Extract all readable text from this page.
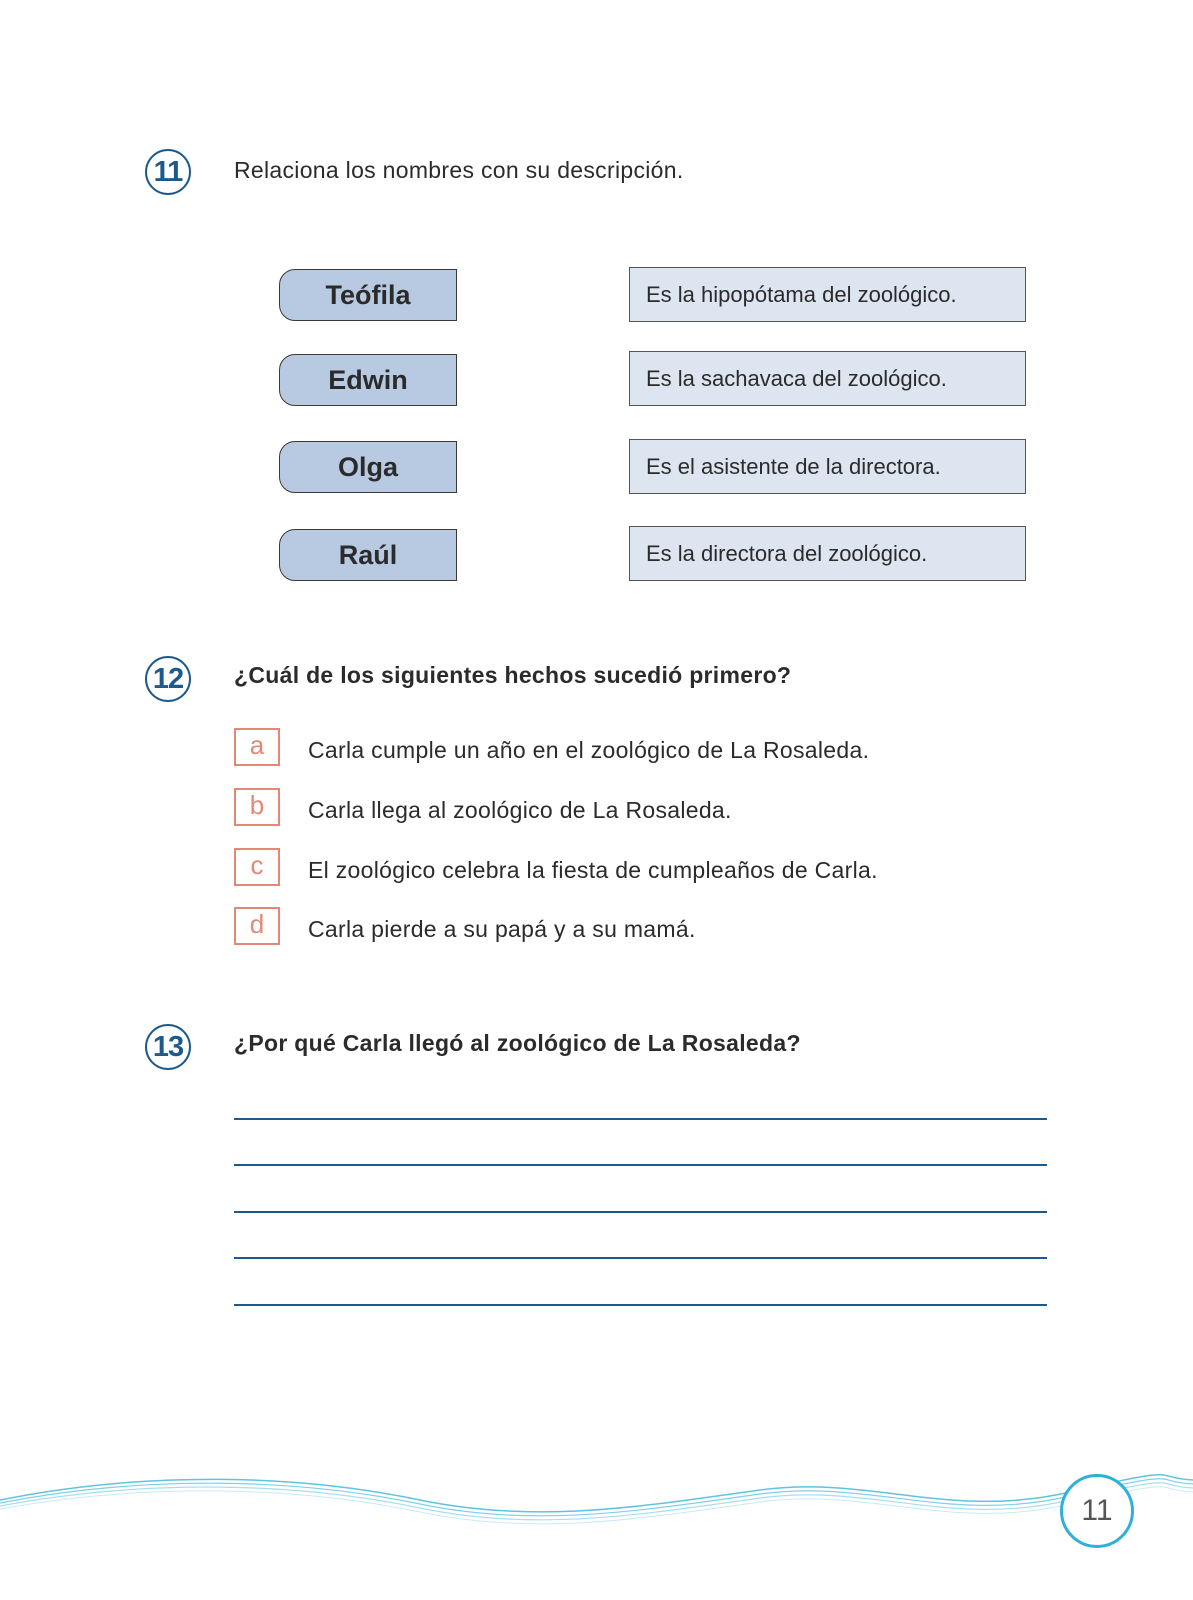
11	Relaciona los nombres con su descripción.
Teófila
Edwin
Olga
Raúl
Es la hipopótama del zoológico.
Es la sachavaca del zoológico.
Es el asistente de la directora.
Es la directora del zoológico.
12	¿Cuál de los siguientes hechos sucedió primero?
a	Carla cumple un año en el zoológico de La Rosaleda.
b	Carla llega al zoológico de La Rosaleda.
c	El zoológico celebra la fiesta de cumpleaños de Carla.
d	Carla pierde a su papá y a su mamá.
13	¿Por qué Carla llegó al zoológico de La Rosaleda?
11
